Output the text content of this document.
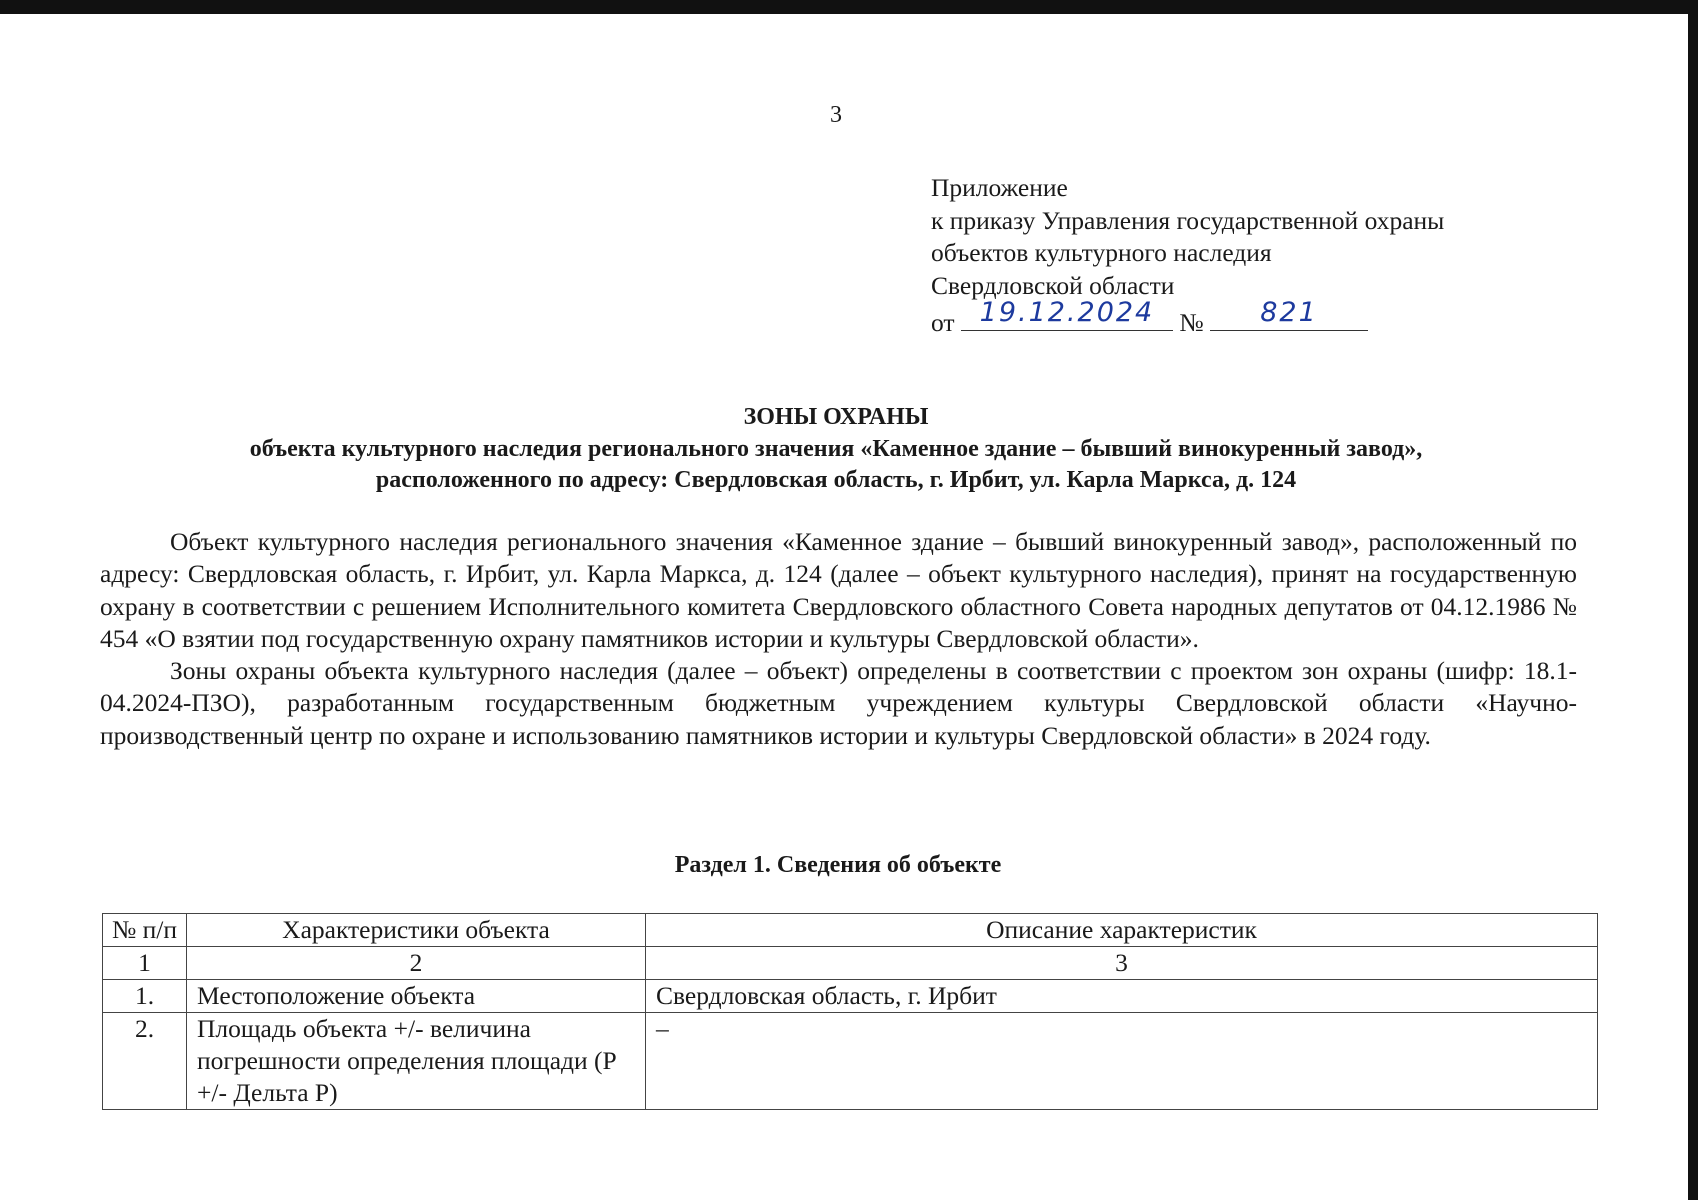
3
Приложение
к приказу Управления государственной охраны
объектов культурного наследия
Свердловской области
от 19.12.2024 №	821
ЗОНЫ ОХРАНЫ
объекта культурного наследия регионального значения «Каменное здание – бывший винокуренный завод»,
расположенного по адресу: Свердловская область, г. Ирбит, ул. Карла Маркса, д. 124

Объект культурного наследия регионального значения «Каменное здание – бывший винокуренный завод», расположенный по адресу: Свердловская область, г. Ирбит, ул. Карла Маркса, д. 124 (далее – объект культурного наследия), принят на государственную охрану в соответствии с решением Исполнительного комитета Свердловского областного Совета народных депутатов от 04.12.1986 № 454 «О взятии под государственную охрану памятников истории и культуры Свердловской области».

Зоны охраны объекта культурного наследия (далее – объект) определены в соответствии с проектом зон охраны (шифр: 18.1-04.2024-ПЗО), разработанным государственным бюджетным учреждением культуры Свердловской области «Научно-производственный центр по охране и использованию памятников истории и культуры Свердловской области» в 2024 году.

Раздел 1. Сведения об объекте
№ п/п	Характеристики объекта	Описание характеристик
1	2	3
1.	Местоположение объекта	Свердловская область, г. Ирбит
2.	Площадь объекта +/- величина погрешности определения площади (P +/- Дельта P)	–
